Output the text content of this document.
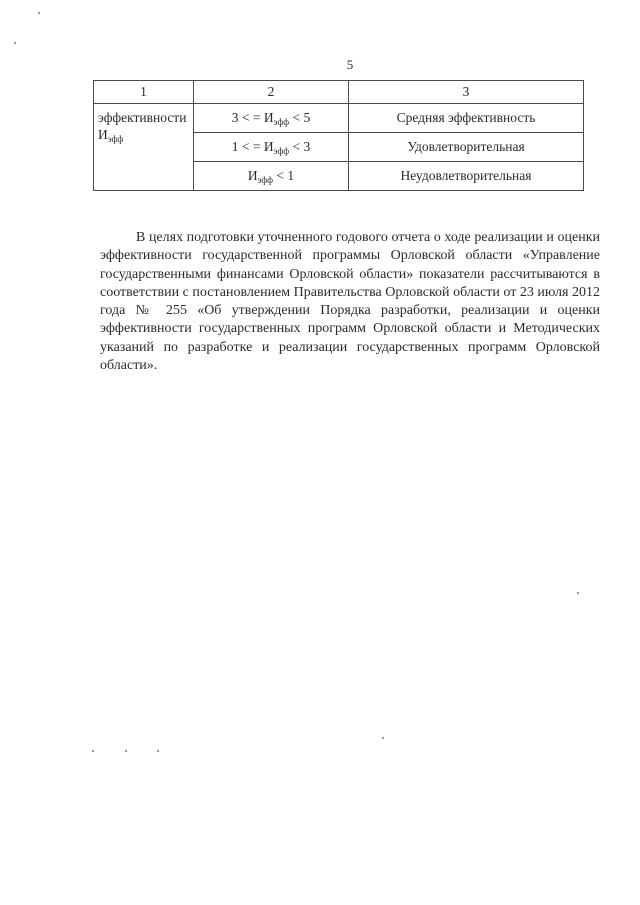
5
1	2	3
эффективности
$И_{эфф}$	3 < = $И_{эфф} < 5$	Средняя эффективность
	1 < = $И_{эфф} < 3$	Удовлетворительная
	$И_{эфф} < 1$	Неудовлетворительная

В целях подготовки уточненного годового отчета о ходе реализации и оценки эффективности государственной программы Орловской области «Управление государственными финансами Орловской области» показатели рассчитываются в соответствии с постановлением Правительства Орловской области от 23 июля 2012 года № 255 «Об утверждении Порядка разработки, реализации и оценки эффективности государственных программ Орловской области и Методических указаний по разработке и реализации государственных программ Орловской области».
